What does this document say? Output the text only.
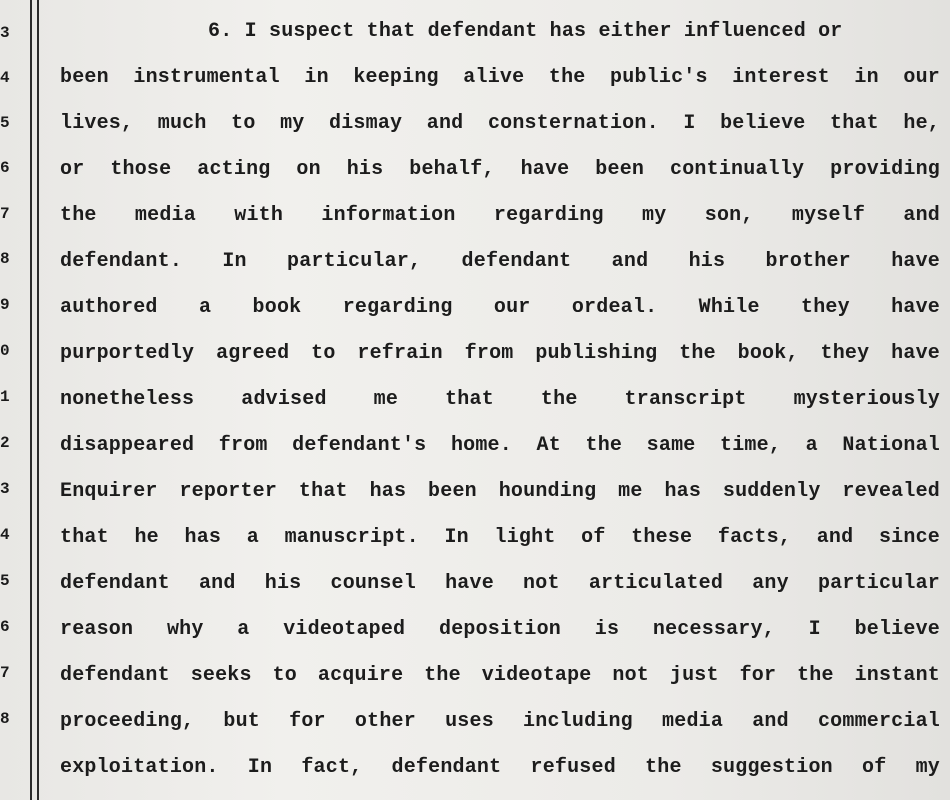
3
4
5
6
7
8
9
0
1
2
3
4
5
6
7
8
6. I suspect that defendant has either influenced or
been instrumental in keeping alive the public's interest in our
lives, much to my dismay and consternation. I believe that he,
or those acting on his behalf, have been continually providing
the media with information regarding my son, myself and
defendant. In particular, defendant and his brother have
authored a book regarding our ordeal. While they have
purportedly agreed to refrain from publishing the book, they have
nonetheless advised me that the transcript mysteriously
disappeared from defendant's home. At the same time, a National
Enquirer reporter that has been hounding me has suddenly revealed
that he has a manuscript. In light of these facts, and since
defendant and his counsel have not articulated any particular
reason why a videotaped deposition is necessary, I believe
defendant seeks to acquire the videotape not just for the instant
proceeding, but for other uses including media and commercial
exploitation. In fact, defendant refused the suggestion of my
